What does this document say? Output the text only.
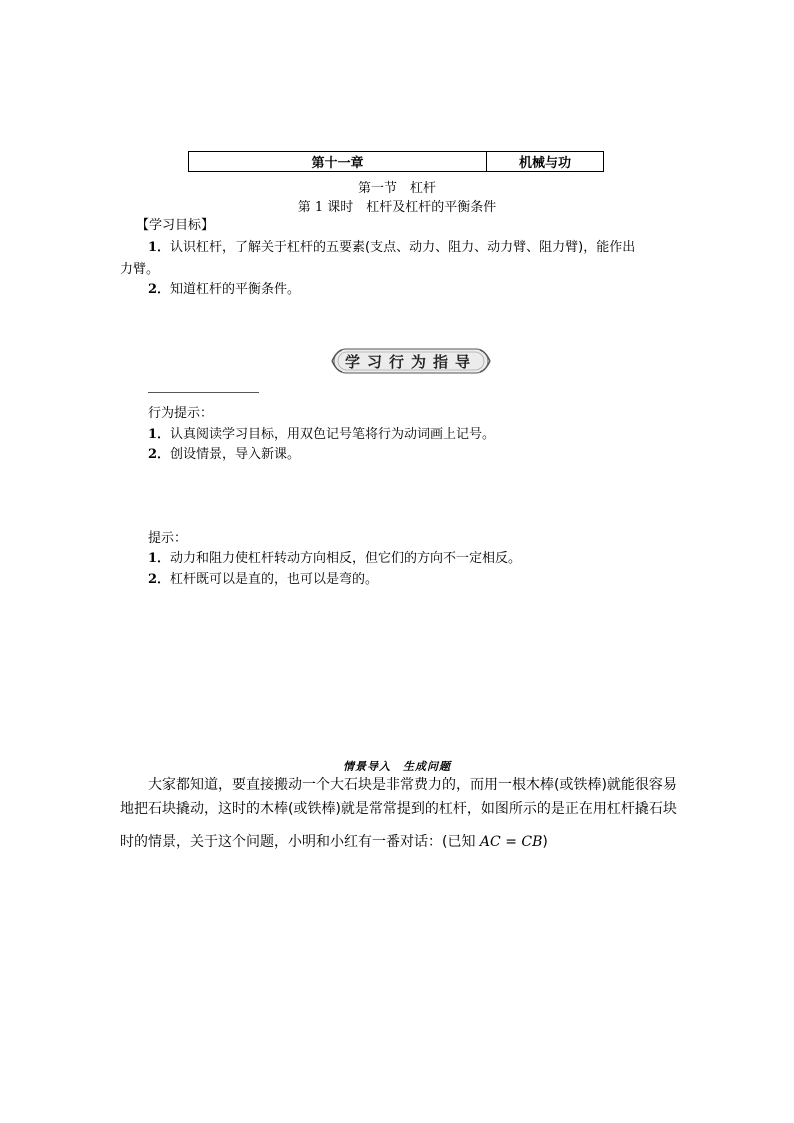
第十一章	机械与功
第一节　杠杆
第 1 课时　杠杆及杠杆的平衡条件
【学习目标】
1．认识杠杆，了解关于杠杆的五要素(支点、动力、阻力、动力臂、阻力臂)，能作出
力臂。
2．知道杠杆的平衡条件。
学习行为指导
行为提示：
1．认真阅读学习目标，用双色记号笔将行为动词画上记号。
2．创设情景，导入新课。
提示：
1．动力和阻力使杠杆转动方向相反，但它们的方向不一定相反。
2．杠杆既可以是直的，也可以是弯的。
情景导入　生成问题
大家都知道，要直接搬动一个大石块是非常费力的，而用一根木棒(或铁棒)就能很容易
地把石块撬动，这时的木棒(或铁棒)就是常常提到的杠杆，如图所示的是正在用杠杆撬石块
时的情景，关于这个问题，小明和小红有一番对话：(已知 AC = CB)
